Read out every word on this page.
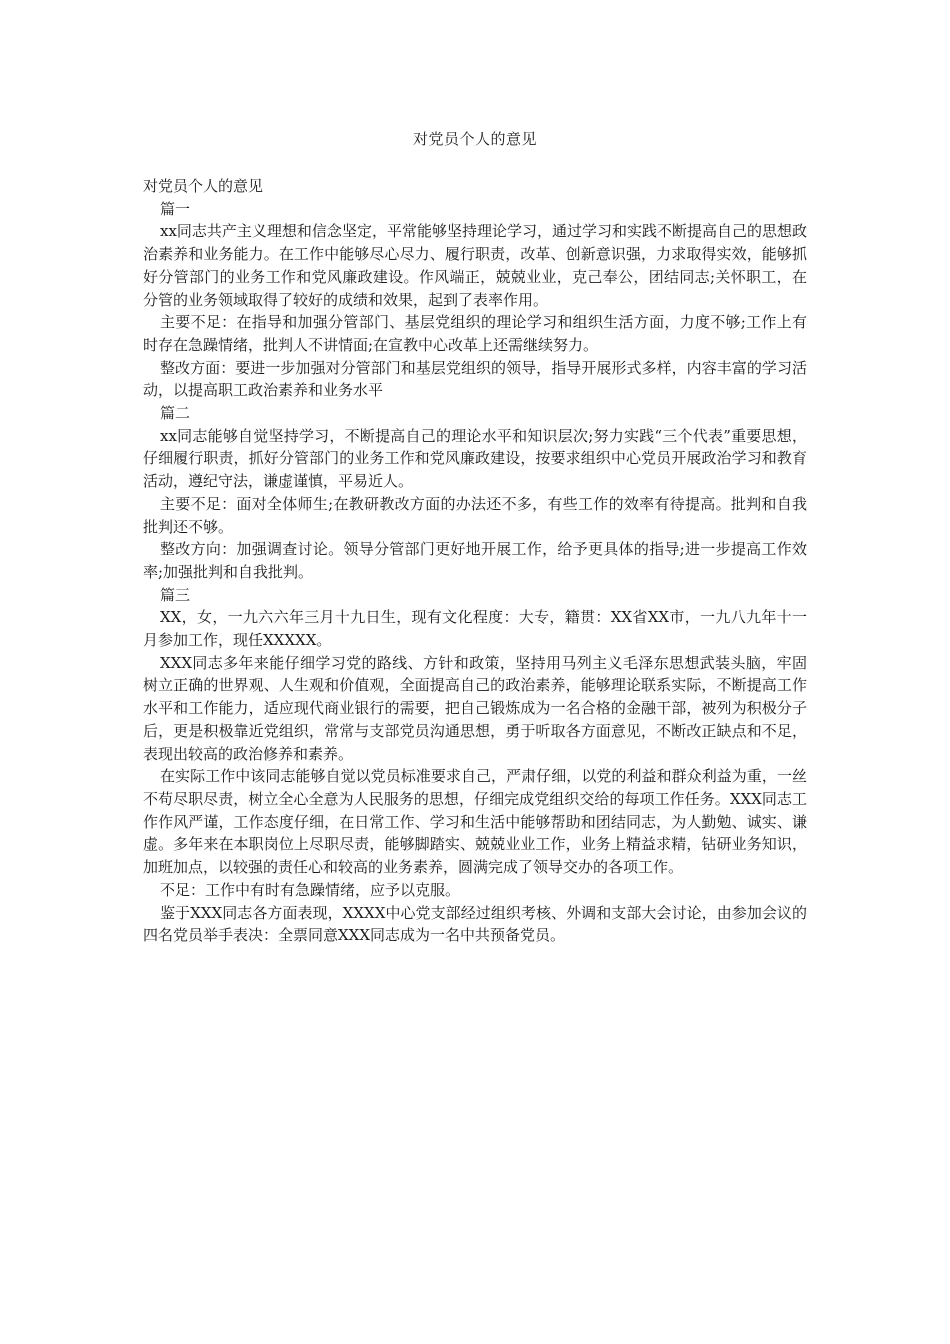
对党员个人的意见

对党员个人的意见

篇一

xx同志共产主义理想和信念坚定，平常能够坚持理论学习，通过学习和实践不断提高自己的思想政治素养和业务能力。在工作中能够尽心尽力、履行职责，改革、创新意识强，力求取得实效，能够抓好分管部门的业务工作和党风廉政建设。作风端正，兢兢业业，克己奉公，团结同志;关怀职工，在分管的业务领域取得了较好的成绩和效果，起到了表率作用。

主要不足：在指导和加强分管部门、基层党组织的理论学习和组织生活方面，力度不够;工作上有时存在急躁情绪，批判人不讲情面;在宣教中心改革上还需继续努力。

整改方面：要进一步加强对分管部门和基层党组织的领导，指导开展形式多样，内容丰富的学习活动，以提高职工政治素养和业务水平

篇二

xx同志能够自觉坚持学习，不断提高自己的理论水平和知识层次;努力实践“三个代表”重要思想，仔细履行职责，抓好分管部门的业务工作和党风廉政建设，按要求组织中心党员开展政治学习和教育活动，遵纪守法，谦虚谨慎，平易近人。

主要不足：面对全体师生;在教研教改方面的办法还不多，有些工作的效率有待提高。批判和自我批判还不够。

整改方向：加强调查讨论。领导分管部门更好地开展工作，给予更具体的指导;进一步提高工作效率;加强批判和自我批判。

篇三

XX，女，一九六六年三月十九日生，现有文化程度：大专，籍贯：XX省XX市，一九八九年十一月参加工作，现任XXXXX。

XXX同志多年来能仔细学习党的路线、方针和政策，坚持用马列主义毛泽东思想武装头脑，牢固树立正确的世界观、人生观和价值观，全面提高自己的政治素养，能够理论联系实际，不断提高工作水平和工作能力，适应现代商业银行的需要，把自己锻炼成为一名合格的金融干部，被列为积极分子后，更是积极靠近党组织，常常与支部党员沟通思想，勇于听取各方面意见，不断改正缺点和不足，表现出较高的政治修养和素养。

在实际工作中该同志能够自觉以党员标准要求自己，严肃仔细，以党的利益和群众利益为重，一丝不苟尽职尽责，树立全心全意为人民服务的思想，仔细完成党组织交给的每项工作任务。XXX同志工作作风严谨，工作态度仔细，在日常工作、学习和生活中能够帮助和团结同志，为人勤勉、诚实、谦虚。多年来在本职岗位上尽职尽责，能够脚踏实、兢兢业业工作，业务上精益求精，钻研业务知识，加班加点，以较强的责任心和较高的业务素养，圆满完成了领导交办的各项工作。

不足：工作中有时有急躁情绪，应予以克服。

鉴于XXX同志各方面表现，XXXX中心党支部经过组织考核、外调和支部大会讨论，由参加会议的四名党员举手表决：全票同意XXX同志成为一名中共预备党员。
